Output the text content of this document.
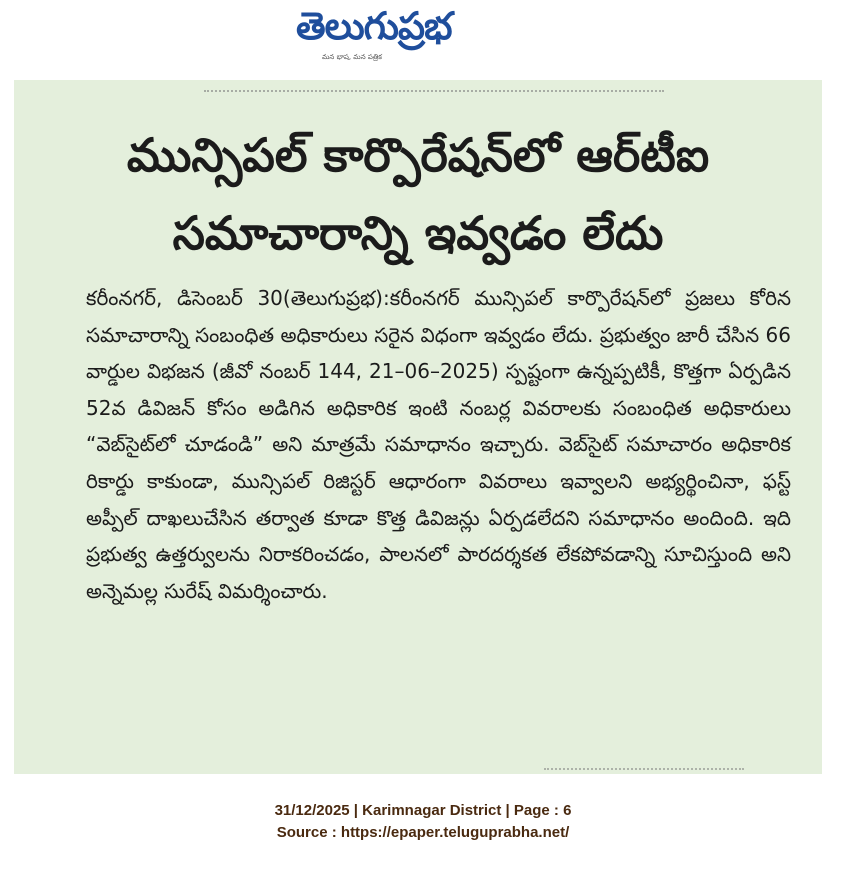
తెలుగుప్రభ
మన భాష, మన పత్రిక
మున్సిపల్ కార్పొరేషన్‌లో ఆర్‌టీఐ
సమాచారాన్ని ఇవ్వడం లేదు
కరీంనగర్, డిసెంబర్ 30(తెలుగుప్రభ):కరీంనగర్ మున్సిపల్ కార్పొరేషన్‌లో ప్రజలు కోరిన సమాచారాన్ని సంబంధిత అధికారులు సరైన విధంగా ఇవ్వడం లేదు. ప్రభుత్వం జారీ చేసిన 66 వార్డుల విభజన (జీవో నంబర్ 144, 21–06–2025) స్పష్టంగా ఉన్నప్పటికీ, కొత్తగా ఏర్పడిన 52వ డివిజన్ కోసం అడిగిన అధికారిక ఇంటి నంబర్ల వివరాలకు సంబంధిత అధికారులు “వెబ్‌సైట్‌లో చూడండి” అని మాత్రమే సమాధానం ఇచ్చారు. వెబ్‌సైట్ సమాచారం అధికారిక రికార్డు కాకుండా, మున్సిపల్ రిజిస్టర్ ఆధారంగా వివరాలు ఇవ్వాలని అభ్యర్థించినా, ఫస్ట్ అప్పీల్ దాఖలుచేసిన తర్వాత కూడా కొత్త డివిజన్లు ఏర్పడలేదని సమాధానం అందింది. ఇది ప్రభుత్వ ఉత్తర్వులను నిరాకరించడం, పాలనలో పారదర్శకత లేకపోవడాన్ని సూచిస్తుంది అని అన్నెమల్ల సురేష్ విమర్శించారు.
31/12/2025 | Karimnagar District | Page : 6
Source : https://epaper.teluguprabha.net/
